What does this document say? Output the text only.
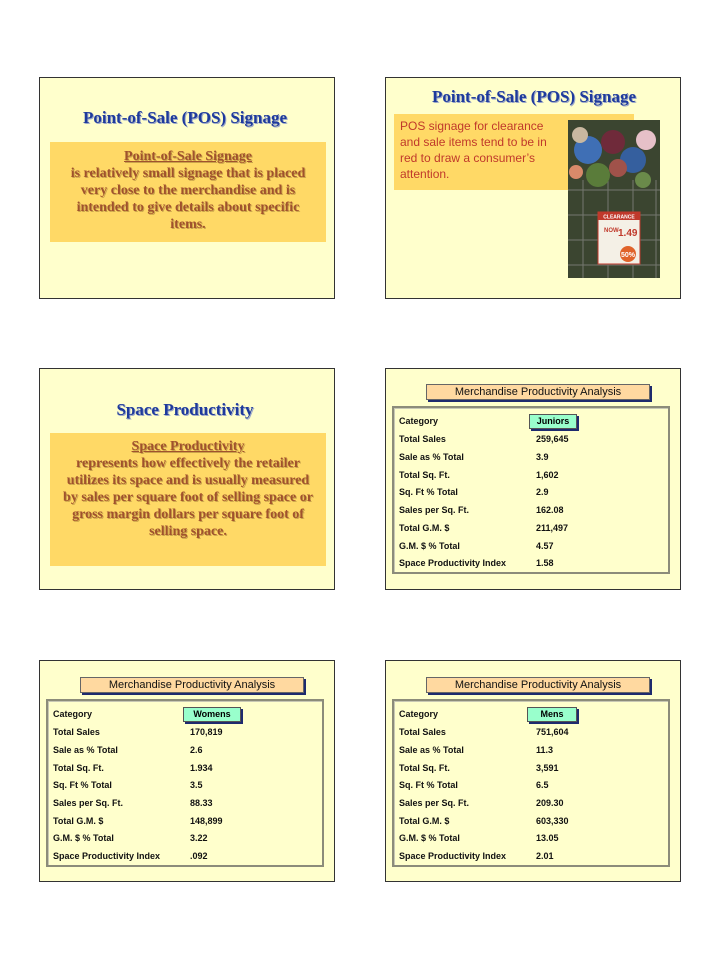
Point-of-Sale (POS) Signage
Point-of-Sale Signage
is relatively small signage that is placed very close to the merchandise and is intended to give details about specific items.
Point-of-Sale (POS) Signage
POS signage for clearance and sale items tend to be in red to draw a consumer’s attention.
CLEARANCE
NOW 1.49
50%
Space Productivity
Space Productivity
represents how effectively the retailer utilizes its space and is usually measured by sales per square foot of selling space or gross margin dollars per square foot of selling space.
Merchandise Productivity Analysis
Category	Juniors
Total Sales	259,645
Sale as % Total	3.9
Total Sq. Ft.	1,602
Sq. Ft % Total	2.9
Sales per Sq. Ft.	162.08
Total G.M. $	211,497
G.M. $ % Total	4.57
Space Productivity Index	1.58
Merchandise Productivity Analysis
Category	Womens
Total Sales	170,819
Sale as % Total	2.6
Total Sq. Ft.	1.934
Sq. Ft % Total	3.5
Sales per Sq. Ft.	88.33
Total G.M. $	148,899
G.M. $ % Total	3.22
Space Productivity Index	.092
Merchandise Productivity Analysis
Category	Mens
Total Sales	751,604
Sale as % Total	11.3
Total Sq. Ft.	3,591
Sq. Ft % Total	6.5
Sales per Sq. Ft.	209.30
Total G.M. $	603,330
G.M. $ % Total	13.05
Space Productivity Index	2.01
